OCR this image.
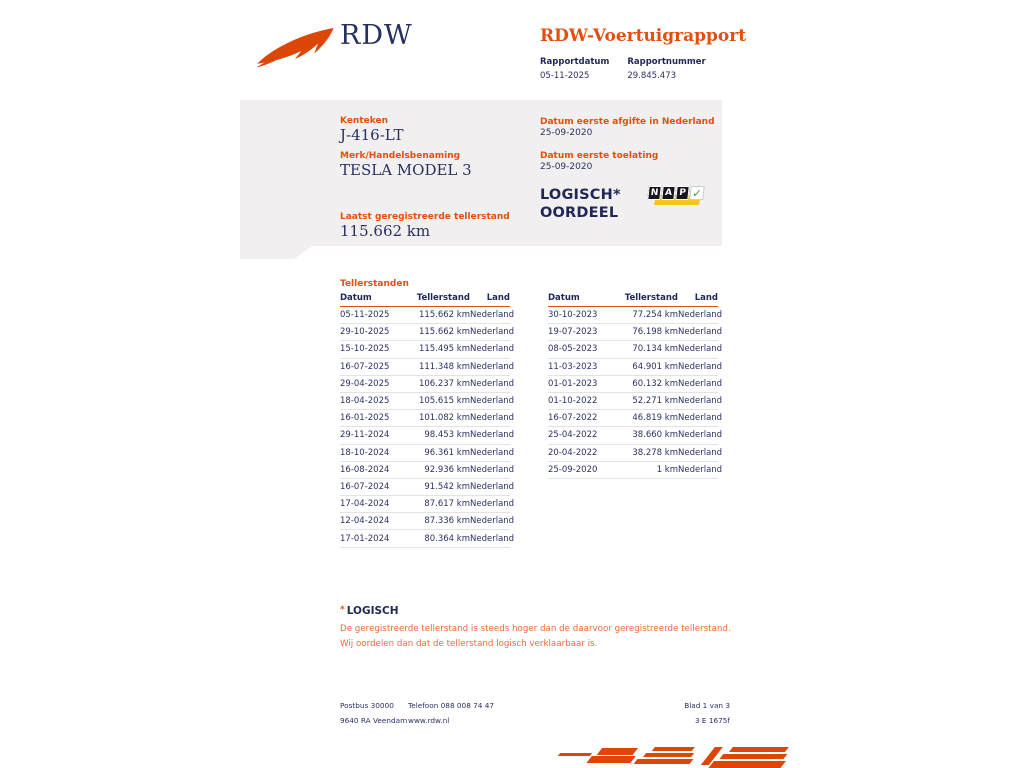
RDW	RDW-Voertuigrapport
Rapportdatum
05-11-2025
Rapportnummer
29.845.473
Kenteken
J-416-LT
Merk/Handelsbenaming
TESLA MODEL 3
Laatst geregistreerde tellerstand
115.662 km
Datum eerste afgifte in Nederland
25-09-2020
Datum eerste toelating
25-09-2020
LOGISCH*
OORDEEL
N A P ✓
Tellerstanden
Datum	Tellerstand	Land
05-11-2025	115.662 km	Nederland
29-10-2025	115.662 km	Nederland
15-10-2025	115.495 km	Nederland
16-07-2025	111.348 km	Nederland
29-04-2025	106.237 km	Nederland
18-04-2025	105.615 km	Nederland
16-01-2025	101.082 km	Nederland
29-11-2024	98.453 km	Nederland
18-10-2024	96.361 km	Nederland
16-08-2024	92.936 km	Nederland
16-07-2024	91.542 km	Nederland
17-04-2024	87.617 km	Nederland
12-04-2024	87.336 km	Nederland
17-01-2024	80.364 km	Nederland
Datum	Tellerstand	Land
30-10-2023	77.254 km	Nederland
19-07-2023	76.198 km	Nederland
08-05-2023	70.134 km	Nederland
11-03-2023	64.901 km	Nederland
01-01-2023	60.132 km	Nederland
01-10-2022	52.271 km	Nederland
16-07-2022	46.819 km	Nederland
25-04-2022	38.660 km	Nederland
20-04-2022	38.278 km	Nederland
25-09-2020	1 km	Nederland
* LOGISCH
De geregistreerde tellerstand is steeds hoger dan de daarvoor geregistreerde tellerstand. Wij oordelen dan dat de tellerstand logisch verklaarbaar is.
Postbus 30000
9640 RA Veendam
Telefoon 088 008 74 47
www.rdw.nl
Blad 1 van 3
3 E 1675f
